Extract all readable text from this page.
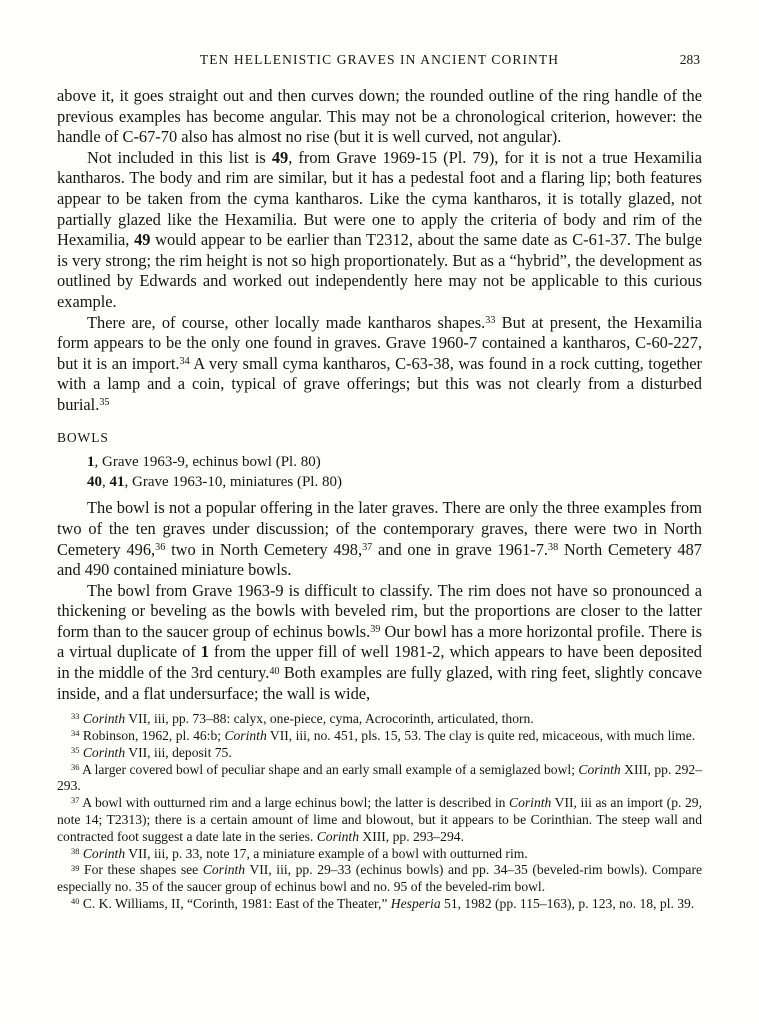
TEN HELLENISTIC GRAVES IN ANCIENT CORINTH	283

above it, it goes straight out and then curves down; the rounded outline of the ring handle of the previous examples has become angular. This may not be a chronological criterion, however: the handle of C-67-70 also has almost no rise (but it is well curved, not angular).

Not included in this list is 49, from Grave 1969-15 (Pl. 79), for it is not a true Hexamilia kantharos. The body and rim are similar, but it has a pedestal foot and a flaring lip; both features appear to be taken from the cyma kantharos. Like the cyma kantharos, it is totally glazed, not partially glazed like the Hexamilia. But were one to apply the criteria of body and rim of the Hexamilia, 49 would appear to be earlier than T2312, about the same date as C-61-37. The bulge is very strong; the rim height is not so high proportionately. But as a “hybrid”, the development as outlined by Edwards and worked out independently here may not be applicable to this curious example.

There are, of course, other locally made kantharos shapes.$^{33}$ But at present, the Hexamilia form appears to be the only one found in graves. Grave 1960-7 contained a kantharos, C-60-227, but it is an import.$^{34}$ A very small cyma kantharos, C-63-38, was found in a rock cutting, together with a lamp and a coin, typical of grave offerings; but this was not clearly from a disturbed burial.$^{35}$

BOWLS

1, Grave 1963-9, echinus bowl (Pl. 80)

40, 41, Grave 1963-10, miniatures (Pl. 80)

The bowl is not a popular offering in the later graves. There are only the three examples from two of the ten graves under discussion; of the contemporary graves, there were two in North Cemetery 496,36 two in North Cemetery 498,37 and one in grave 1961-7.38 North Cemetery 487 and 490 contained miniature bowls.

The bowl from Grave 1963-9 is difficult to classify. The rim does not have so pronounced a thickening or beveling as the bowls with beveled rim, but the proportions are closer to the latter form than to the saucer group of echinus bowls.$^{39}$ Our bowl has a more horizontal profile. There is a virtual duplicate of 1 from the upper fill of well 1981-2, which appears to have been deposited in the middle of the 3rd century.$^{40}$ Both examples are fully glazed, with ring feet, slightly concave inside, and a flat undersurface; the wall is wide,

$^{33}$ Corinth VII, iii, pp. 73–88: calyx, one-piece, cyma, Acrocorinth, articulated, thorn.

$^{34}$ Robinson, 1962, pl. 46:b; Corinth VII, iii, no. 451, pls. 15, 53. The clay is quite red, micaceous, with much lime.

$^{35}$ Corinth VII, iii, deposit 75.

$^{36}$ A larger covered bowl of peculiar shape and an early small example of a semiglazed bowl; Corinth XIII, pp. 292–293.

$^{37}$ A bowl with outturned rim and a large echinus bowl; the latter is described in Corinth VII, iii as an import (p. 29, note 14; T2313); there is a certain amount of lime and blowout, but it appears to be Corinthian. The steep wall and contracted foot suggest a date late in the series. Corinth XIII, pp. 293–294.

$^{38}$ Corinth VII, iii, p. 33, note 17, a miniature example of a bowl with outturned rim.

$^{39}$ For these shapes see Corinth VII, iii, pp. 29–33 (echinus bowls) and pp. 34–35 (beveled-rim bowls). Compare especially no. 35 of the saucer group of echinus bowl and no. 95 of the beveled-rim bowl.

$^{40}$ C. K. Williams, II, “Corinth, 1981: East of the Theater,” Hesperia 51, 1982 (pp. 115–163), p. 123, no. 18, pl. 39.
